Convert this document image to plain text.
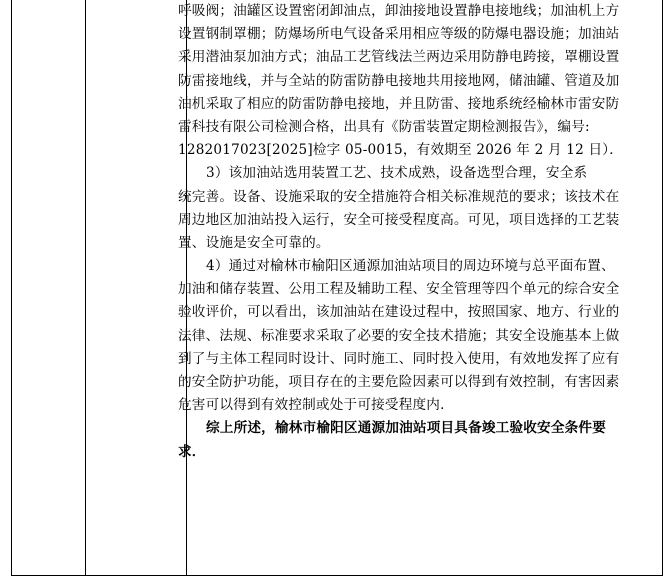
呼吸阀；油罐区设置密闭卸油点，卸油接地设置静电接地线；加油机上方
设置钢制罩棚；防爆场所电气设备采用相应等级的防爆电器设施；加油站
采用潜油泵加油方式；油品工艺管线法兰两边采用防静电跨接，罩棚设置
防雷接地线，并与全站的防雷防静电接地共用接地网，储油罐、管道及加
油机采取了相应的防雷防静电接地，并且防雷、接地系统经榆林市雷安防
雷科技有限公司检测合格，出具有《防雷装置定期检测报告》，编号:
1282017023[2025]检字 05-0015，有效期至 2026 年 2 月 12 日）．
3）该加油站选用装置工艺、技术成熟，设备选型合理，安全系
统完善。设备、设施采取的安全措施符合相关标准规范的要求；该技术在
周边地区加油站投入运行，安全可接受程度高。可见，项目选择的工艺装
置、设施是安全可靠的。
4）通过对榆林市榆阳区通源加油站项目的周边环境与总平面布置、
加油和储存装置、公用工程及辅助工程、安全管理等四个单元的综合安全
验收评价，可以看出，该加油站在建设过程中，按照国家、地方、行业的
法律、法规、标准要求采取了必要的安全技术措施；其安全设施基本上做
到了与主体工程同时设计、同时施工、同时投入使用，有效地发挥了应有
的安全防护功能，项目存在的主要危险因素可以得到有效控制，有害因素
危害可以得到有效控制或处于可接受程度内．
综上所述，榆林市榆阳区通源加油站项目具备竣工验收安全条件要
求．
